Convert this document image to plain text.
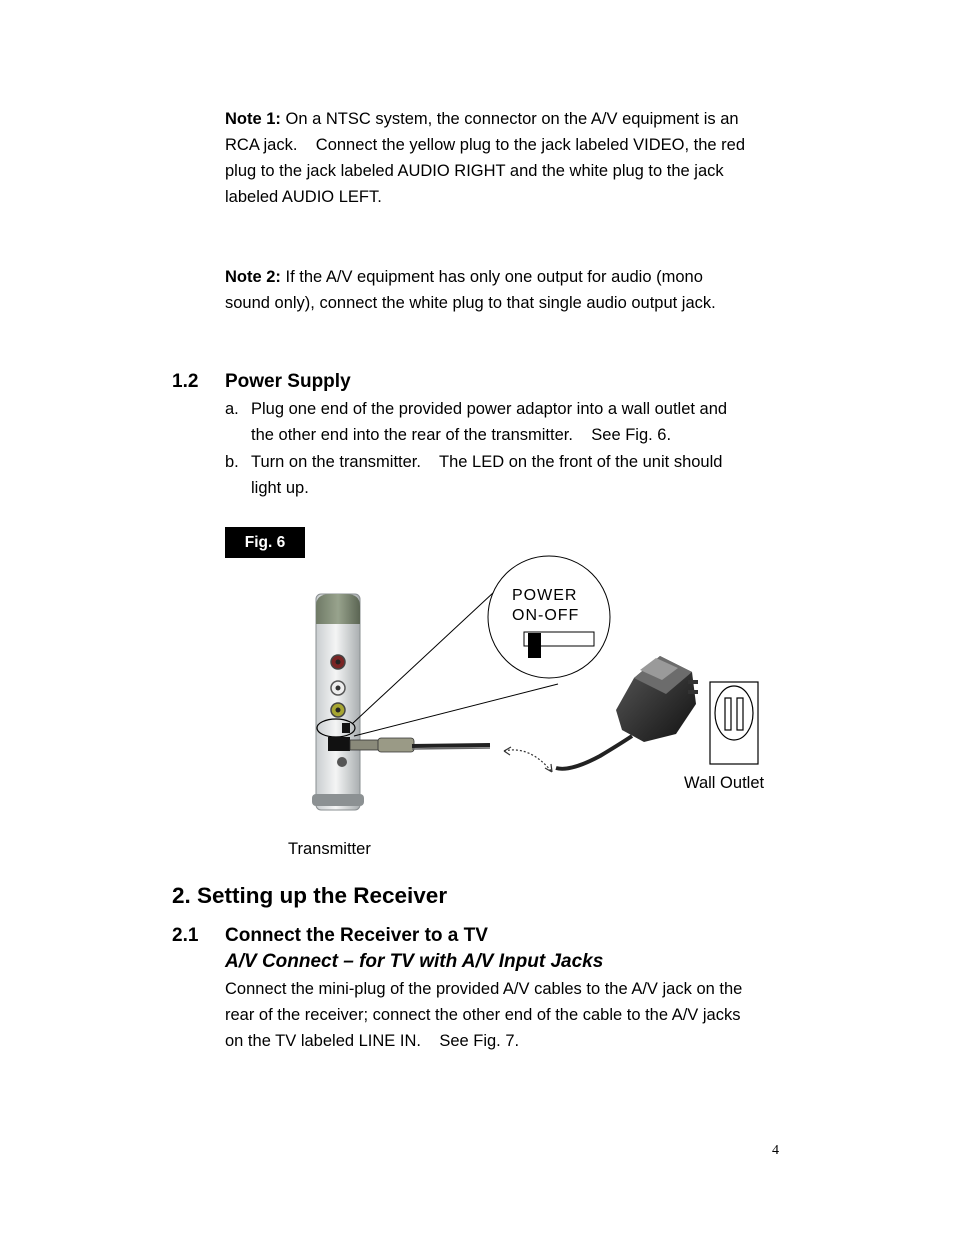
Note 1: On a NTSC system, the connector on the A/V equipment is an
RCA jack.    Connect the yellow plug to the jack labeled VIDEO, the red
plug to the jack labeled AUDIO RIGHT and the white plug to the jack
labeled AUDIO LEFT.
Note 2: If the A/V equipment has only one output for audio (mono
sound only), connect the white plug to that single audio output jack.
1.2 Power Supply
a. Plug one end of the provided power adaptor into a wall outlet and
the other end into the rear of the transmitter.    See Fig. 6.
b. Turn on the transmitter.    The LED on the front of the unit should
light up.
Fig. 6
POWER
ON-OFF
Wall Outlet
Transmitter
2. Setting up the Receiver
2.1 Connect the Receiver to a TV
A/V Connect – for TV with A/V Input Jacks
Connect the mini-plug of the provided A/V cables to the A/V jack on the
rear of the receiver; connect the other end of the cable to the A/V jacks
on the TV labeled LINE IN.    See Fig. 7.
4
